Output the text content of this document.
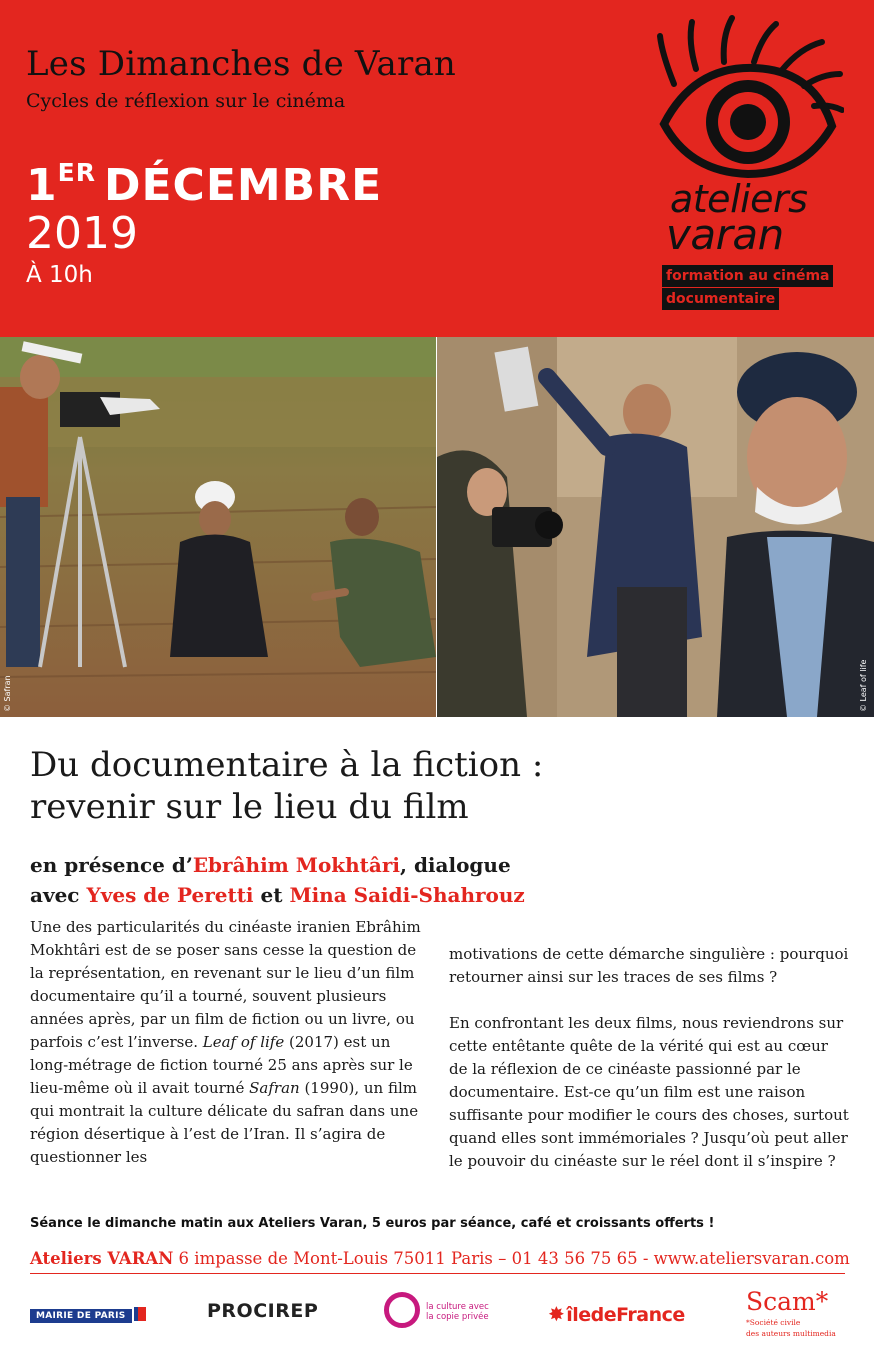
Les Dimanches de Varan
Cycles de réflexion sur le cinéma
1ER DÉCEMBRE
2019
À 10h
ateliers
varan
formation au cinéma
documentaire
© Safran	© Leaf of life
Du documentaire à la fiction :
revenir sur le lieu du film
en présence d’Ebrâhim Mokhtâri, dialogue
avec Yves de Peretti et Mina Saidi-Shahrouz

Une des particularités du cinéaste iranien Ebrâhim Mokhtâri est de se poser sans cesse la question de la représentation, en revenant sur le lieu d’un film documentaire qu’il a tourné, souvent plusieurs années après, par un film de fiction ou un livre, ou parfois c’est l’inverse. Leaf of life (2017) est un long-métrage de fiction tourné 25 ans après sur le lieu-même où il avait tourné Safran (1990), un film qui montrait la culture délicate du safran dans une région désertique à l’est de l’Iran. Il s’agira de questionner les

motivations de cette démarche singulière : pourquoi retourner ainsi sur les traces de ses films ?

En confrontant les deux films, nous reviendrons sur cette entêtante quête de la vérité qui est au cœur de la réflexion de ce cinéaste passionné par le documentaire. Est-ce qu’un film est une raison suffisante pour modifier le cours des choses, surtout quand elles sont immémoriales ? Jusqu’où peut aller le pouvoir du cinéaste sur le réel dont il s’inspire ?

Séance le dimanche matin aux Ateliers Varan, 5 euros par séance, café et croissants offerts !
Ateliers VARAN 6 impasse de Mont-Louis 75011 Paris – 01 43 56 75 65 - www.ateliersvaran.com
MAIRIE DE PARIS	PROCIREP	la culture avec
la copie privée	✸ îledeFrance Scam*
*Société civile
des auteurs multimedia
